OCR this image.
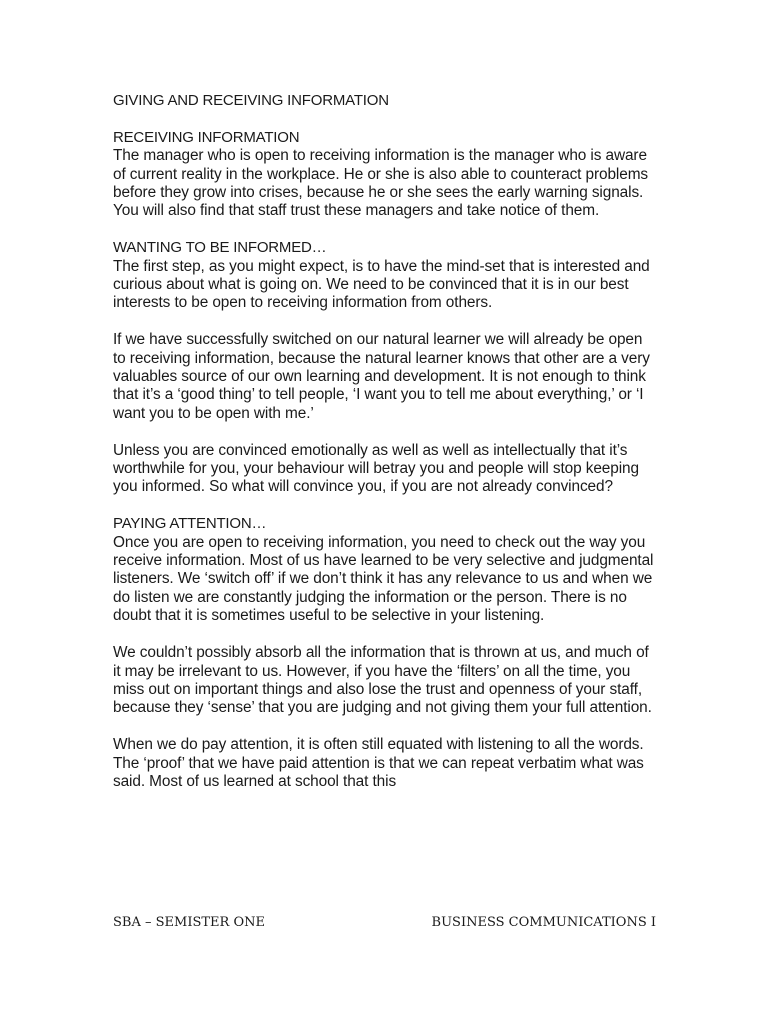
GIVING AND RECEIVING INFORMATION
RECEIVING INFORMATION

The manager who is open to receiving information is the manager who is aware of current reality in the workplace. He or she is also able to counteract problems before they grow into crises, because he or she sees the early warning signals. You will also find that staff trust these managers and take notice of them.

WANTING TO BE INFORMED…

The first step, as you might expect, is to have the mind-set that is interested and curious about what is going on. We need to be convinced that it is in our best interests to be open to receiving information from others.

If we have successfully switched on our natural learner we will already be open to receiving information, because the natural learner knows that other are a very valuables source of our own learning and development. It is not enough to think that it’s a ‘good thing’ to tell people, ‘I want you to tell me about everything,’ or ‘I want you to be open with me.’

Unless you are convinced emotionally as well as well as intellectually that it’s worthwhile for you, your behaviour will betray you and people will stop keeping you informed. So what will convince you, if you are not already convinced?

PAYING ATTENTION…

Once you are open to receiving information, you need to check out the way you receive information. Most of us have learned to be very selective and judgmental listeners. We ‘switch off’ if we don’t think it has any relevance to us and when we do listen we are constantly judging the information or the person. There is no doubt that it is sometimes useful to be selective in your listening.

We couldn’t possibly absorb all the information that is thrown at us, and much of it may be irrelevant to us. However, if you have the ‘filters’ on all the time, you miss out on important things and also lose the trust and openness of your staff, because they ‘sense’ that you are judging and not giving them your full attention.

When we do pay attention, it is often still equated with listening to all the words. The ‘proof’ that we have paid attention is that we can repeat verbatim what was said. Most of us learned at school that this

SBA – SEMISTER ONE	BUSINESS COMMUNICATIONS I
